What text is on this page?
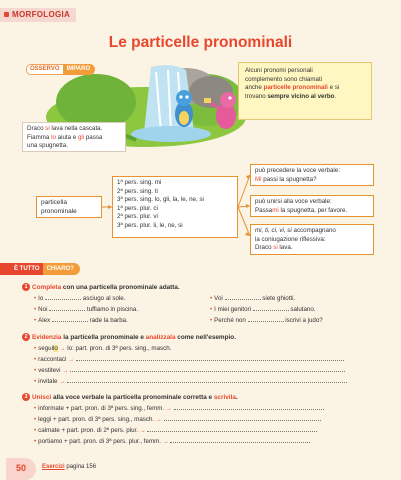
MORFOLOGIA
Le particelle pronominali
OSSERVO IMPARO	Alcuni pronomi personali
complemento sono chiamati
anche particelle pronominali e si
trovano sempre vicino al verbo.
Draco si lava nella cascata.
Fiamma lo aiuta e gli passa
una spugnetta.
particella
pronominale
1ª pers. sing. mi
2ª pers. sing. ti
3ª pers. sing. lo, gli, la, le, ne, si
1ª pers. plur. ci
2ª pers. plur. vi
3ª pers. plur. li, le, ne, si
può precedere la voce verbale:
Mi passi la spugnetta?
può unirsi alla voce verbale:
Passami la spugnetta, per favore.
mi, ti, ci, vi, si accompagnano
la coniugazione riflessiva:
Draco si lava.
È TUTTO CHIARO?
1 Completa con una particella pronominale adatta.
• Io	asciugo al sole.
• Noi	tuffiamo in piscina.
• Alex	rade la barba.
• Voi	siete ghiotti.
• I miei genitori	salutano.
• Perché non	iscrivi a judo?
2 Evidenzia la particella pronominale e analizzala come nell'esempio.
• seguilo → lo: part. pron. di 3ª pers. sing., masch.
• raccontaci →
• vestitevi →
• invitale →
3 Unisci alla voce verbale la particella pronominale corretta e scrivila.
• informate + part. pron. di 3ª pers. sing., femm. →
• leggi + part. pron. di 3ª pers. sing., masch. →
• calmate + part. pron. di 2ª pers. plur. →
• portiamo + part. pron. di 3ª pers. plur., femm. →
50	Esercizi pagina 156
